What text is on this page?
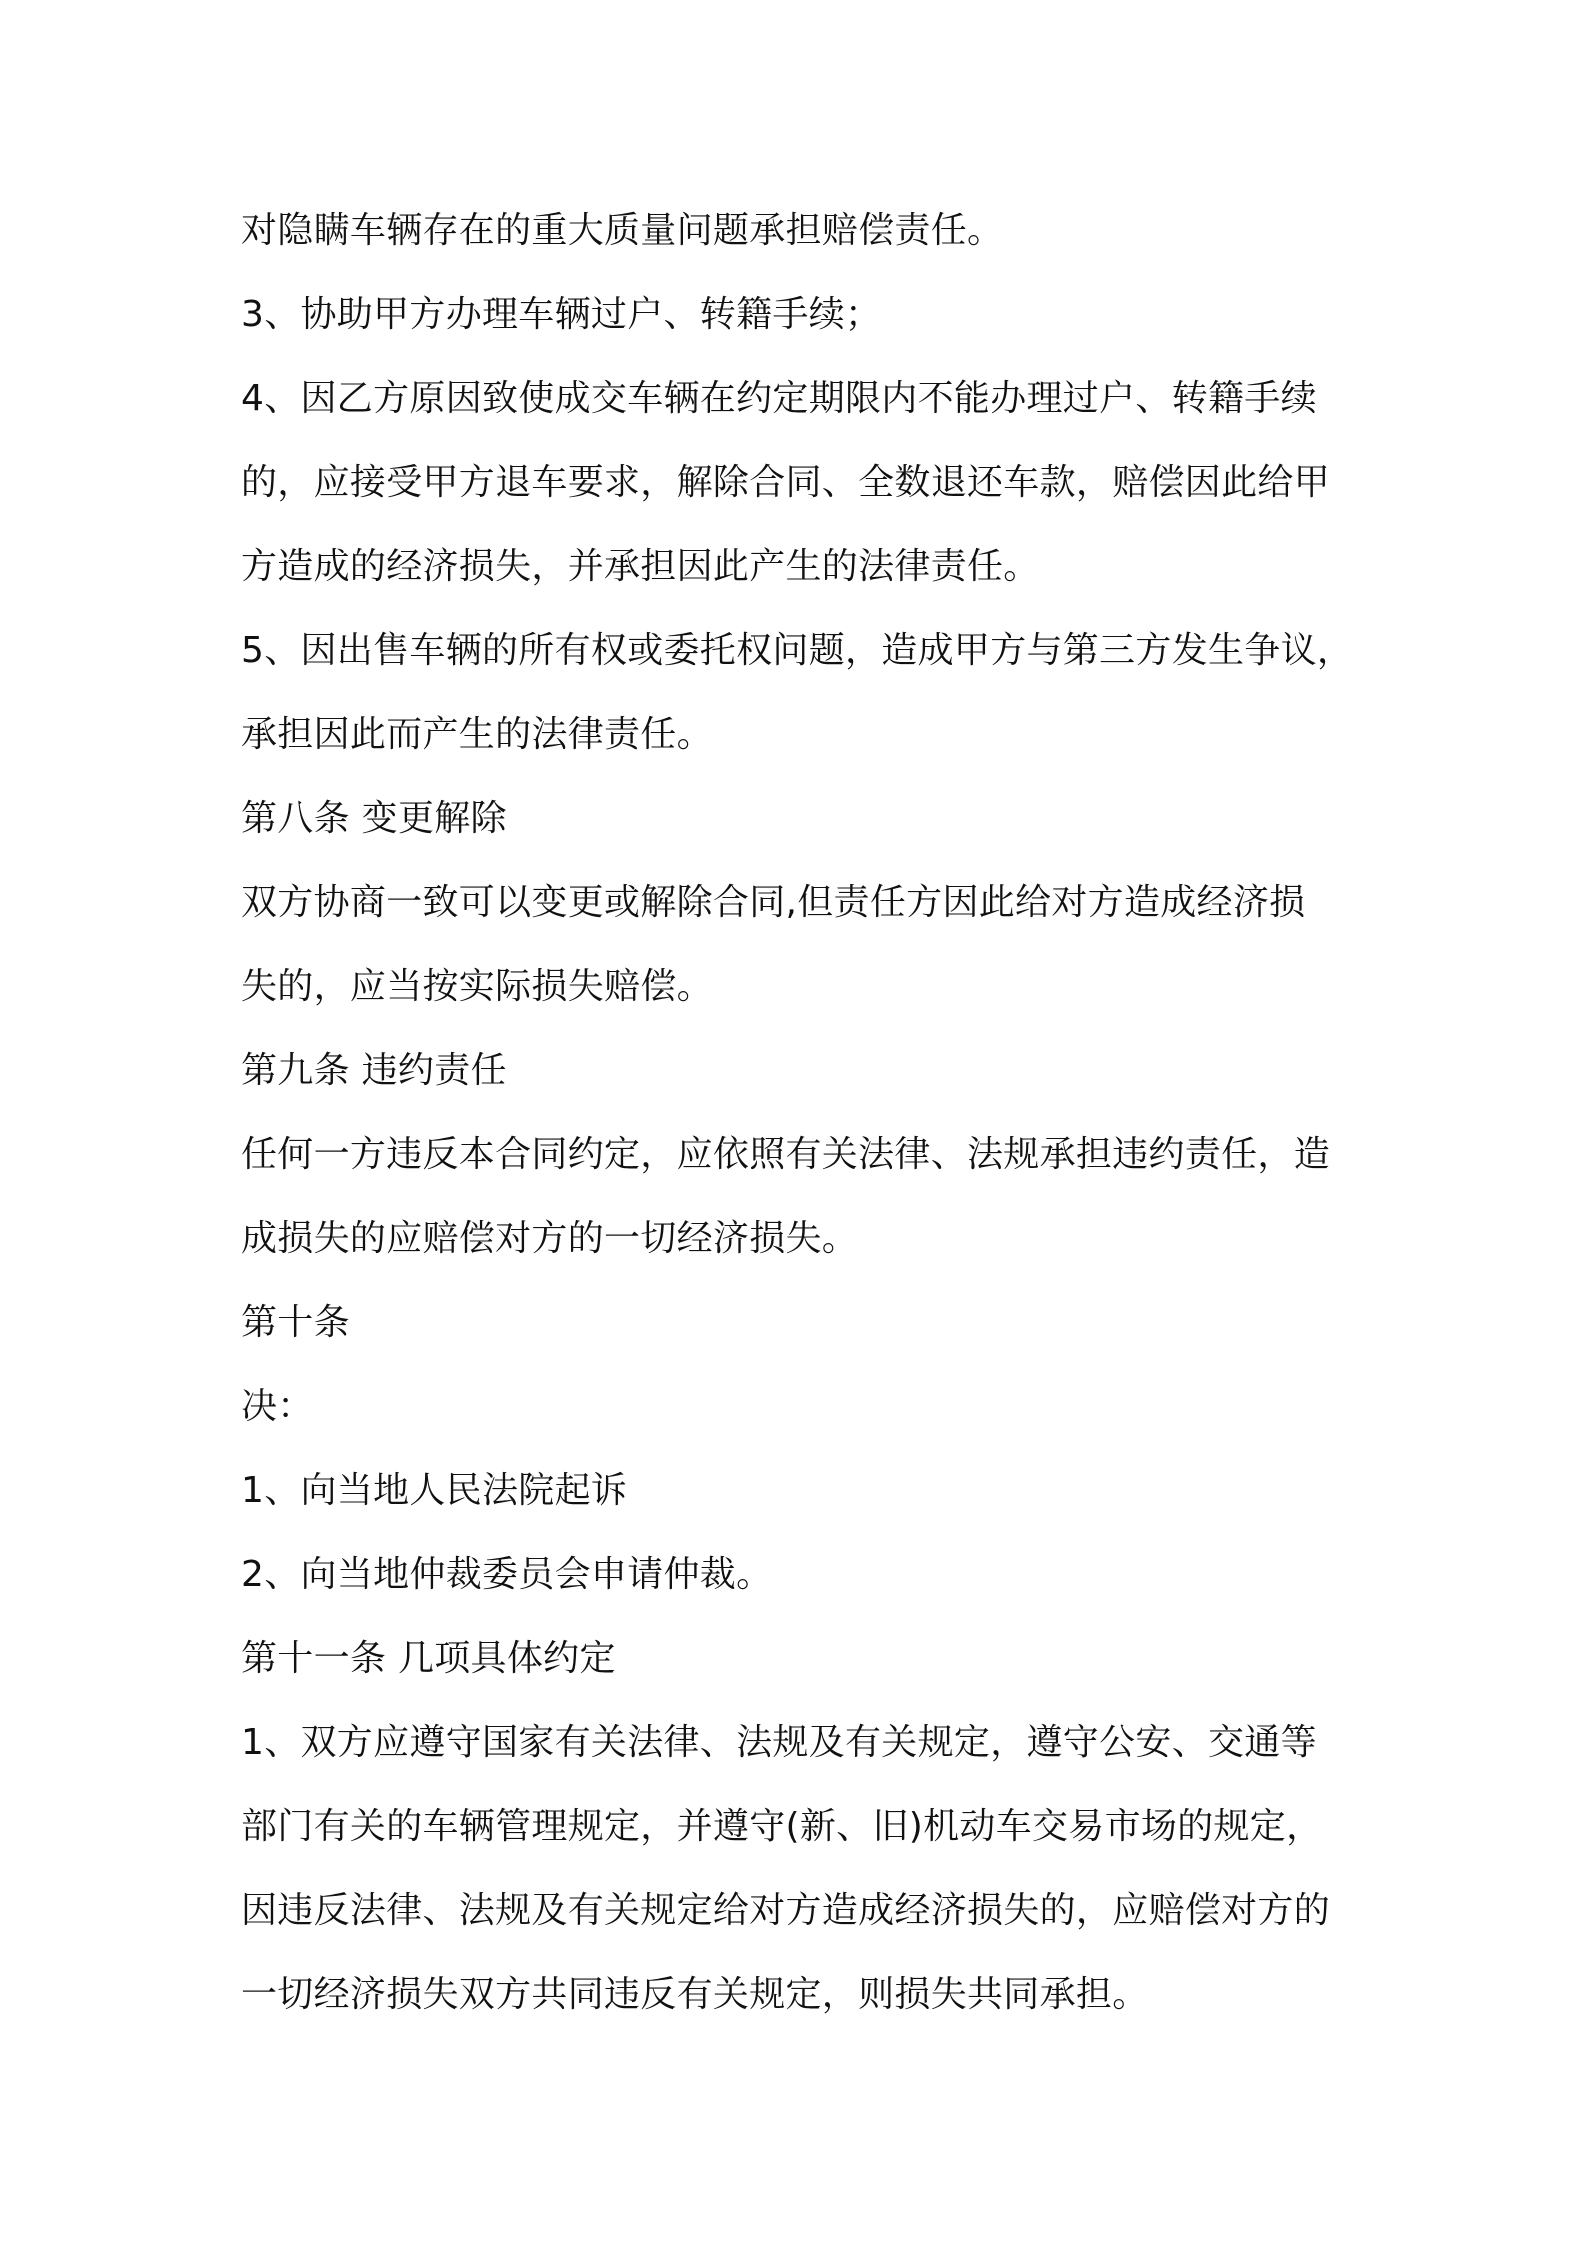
对隐瞒车辆存在的重大质量问题承担赔偿责任。
3、协助甲方办理车辆过户、转籍手续；
4、因乙方原因致使成交车辆在约定期限内不能办理过户、转籍手续
的，应接受甲方退车要求，解除合同、全数退还车款，赔偿因此给甲
方造成的经济损失，并承担因此产生的法律责任。
5、因出售车辆的所有权或委托权问题，造成甲方与第三方发生争议，
承担因此而产生的法律责任。
第八条 变更解除
双方协商一致可以变更或解除合同,但责任方因此给对方造成经济损
失的，应当按实际损失赔偿。
第九条 违约责任
任何一方违反本合同约定，应依照有关法律、法规承担违约责任，造
成损失的应赔偿对方的一切经济损失。
第十条
决：
1、向当地人民法院起诉
2、向当地仲裁委员会申请仲裁。
第十一条 几项具体约定
1、双方应遵守国家有关法律、法规及有关规定，遵守公安、交通等
部门有关的车辆管理规定，并遵守(新、旧)机动车交易市场的规定，
因违反法律、法规及有关规定给对方造成经济损失的，应赔偿对方的
一切经济损失双方共同违反有关规定，则损失共同承担。
